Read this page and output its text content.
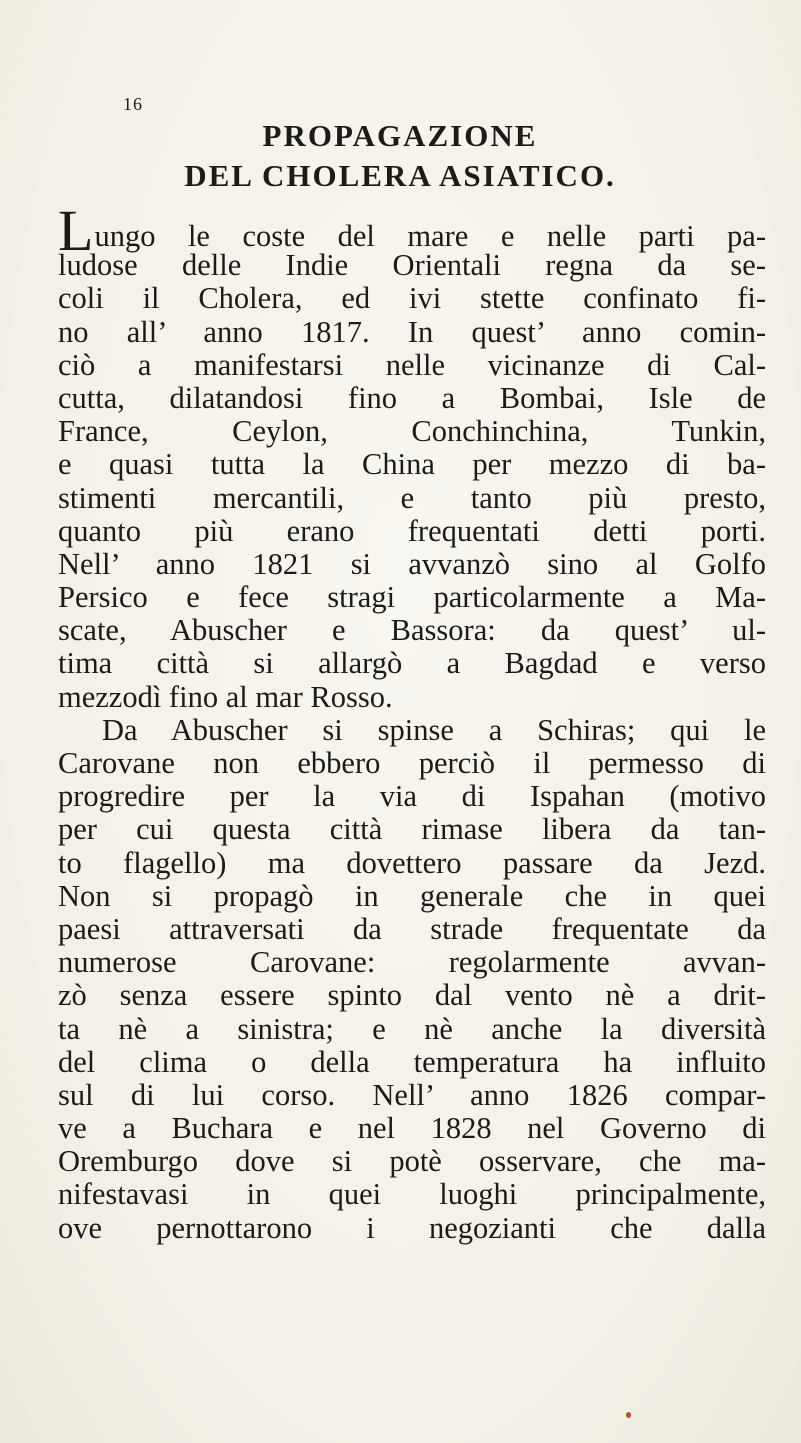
16
PROPAGAZIONE
DEL CHOLERA ASIATICO.
Lungo le coste del mare e nelle parti pa-
ludose delle Indie Orientali regna da se-
coli il Cholera, ed ivi stette confinato fi-
no all’ anno 1817. In quest’ anno comin-
ciò a manifestarsi nelle vicinanze di Cal-
cutta, dilatandosi fino a Bombai, Isle de
France, Ceylon, Conchinchina, Tunkin,
e quasi tutta la China per mezzo di ba-
stimenti mercantili, e tanto più presto,
quanto più erano frequentati detti porti.
Nell’ anno 1821 si avvanzò sino al Golfo
Persico e fece stragi particolarmente a Ma-
scate, Abuscher e Bassora: da quest’ ul-
tima città si allargò a Bagdad e verso
mezzodì fino al mar Rosso.
Da Abuscher si spinse a Schiras; qui le
Carovane non ebbero perciò il permesso di
progredire per la via di Ispahan (motivo
per cui questa città rimase libera da tan-
to flagello) ma dovettero passare da Jezd.
Non si propagò in generale che in quei
paesi attraversati da strade frequentate da
numerose Carovane: regolarmente avvan-
zò senza essere spinto dal vento nè a drit-
ta nè a sinistra; e nè anche la diversità
del clima o della temperatura ha influito
sul di lui corso. Nell’ anno 1826 compar-
ve a Buchara e nel 1828 nel Governo di
Oremburgo dove si potè osservare, che ma-
nifestavasi in quei luoghi principalmente,
ove pernottarono i negozianti che dalla
